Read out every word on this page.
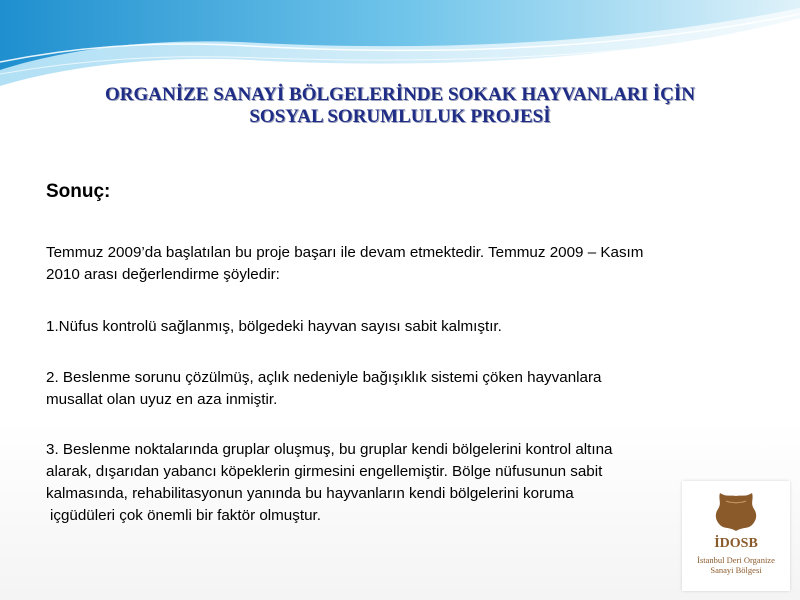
ORGANİZE SANAYİ BÖLGELERİNDE SOKAK HAYVANLARI İÇİN
SOSYAL SORUMLULUK PROJESİ
Sonuç:

Temmuz 2009’da başlatılan bu proje başarı ile devam etmektedir. Temmuz 2009 – Kasım
2010 arası değerlendirme şöyledir:

1.Nüfus kontrolü sağlanmış, bölgedeki hayvan sayısı sabit kalmıştır.

2. Beslenme sorunu çözülmüş, açlık nedeniyle bağışıklık sistemi çöken hayvanlara
musallat olan uyuz en aza inmiştir.

3. Beslenme noktalarında gruplar oluşmuş, bu gruplar kendi bölgelerini kontrol altına
alarak, dışarıdan yabancı köpeklerin girmesini engellemiştir. Bölge nüfusunun sabit
kalmasında, rehabilitasyonun yanında bu hayvanların kendi bölgelerini koruma
içgüdüleri çok önemli bir faktör olmuştur.

İDOSB
İstanbul Deri Organize
Sanayi Bölgesi
